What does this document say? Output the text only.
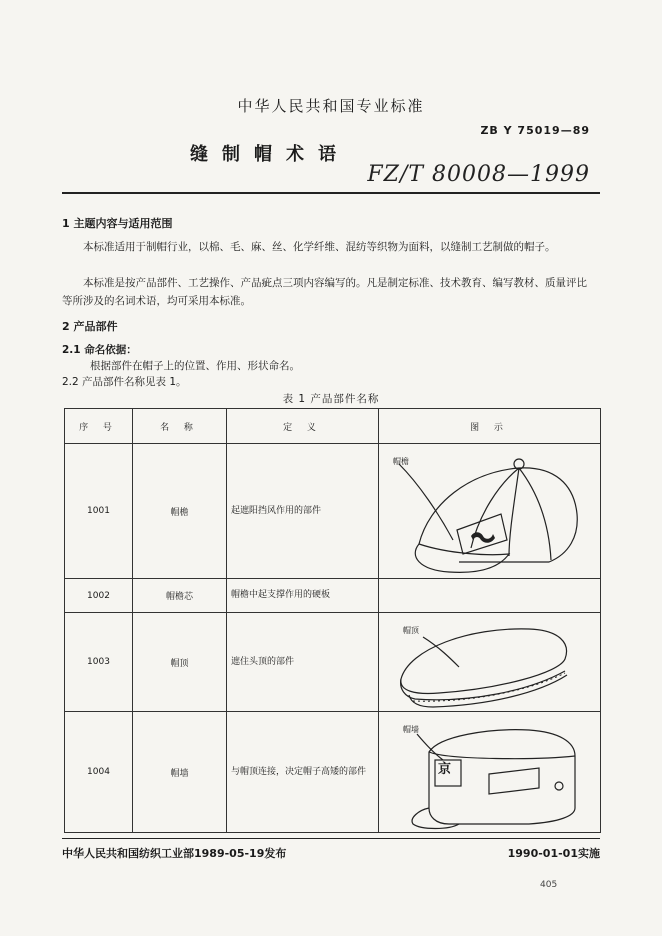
中华人民共和国专业标准
ZB Y 75019—89
缝制帽术语
FZ/T 80008—1999
1 主题内容与适用范围
本标准适用于制帽行业，以棉、毛、麻、丝、化学纤维、混纺等织物为面料，以缝制工艺制做的帽子。
本标准是按产品部件、工艺操作、产品疵点三项内容编写的。凡是制定标准、技术教育、编写教材、质量评比等所涉及的名词术语，均可采用本标准。
2 产品部件
2.1 命名依据：
根据部件在帽子上的位置、作用、形状命名。
2.2 产品部件名称见表 1。
表 1 产品部件名称
序 号	名 称	定 义	图 示
1001	帽檐	起遮阳挡风作用的部件	帽檐

1002	帽檐芯	帽檐中起支撑作用的硬板	
1003	帽顶	遮住头顶的部件	帽顶

1004	帽墙	与帽顶连接，决定帽子高矮的部件	帽墙
京
中华人民共和国纺织工业部1989-05-19发布	1990-01-01实施
405
